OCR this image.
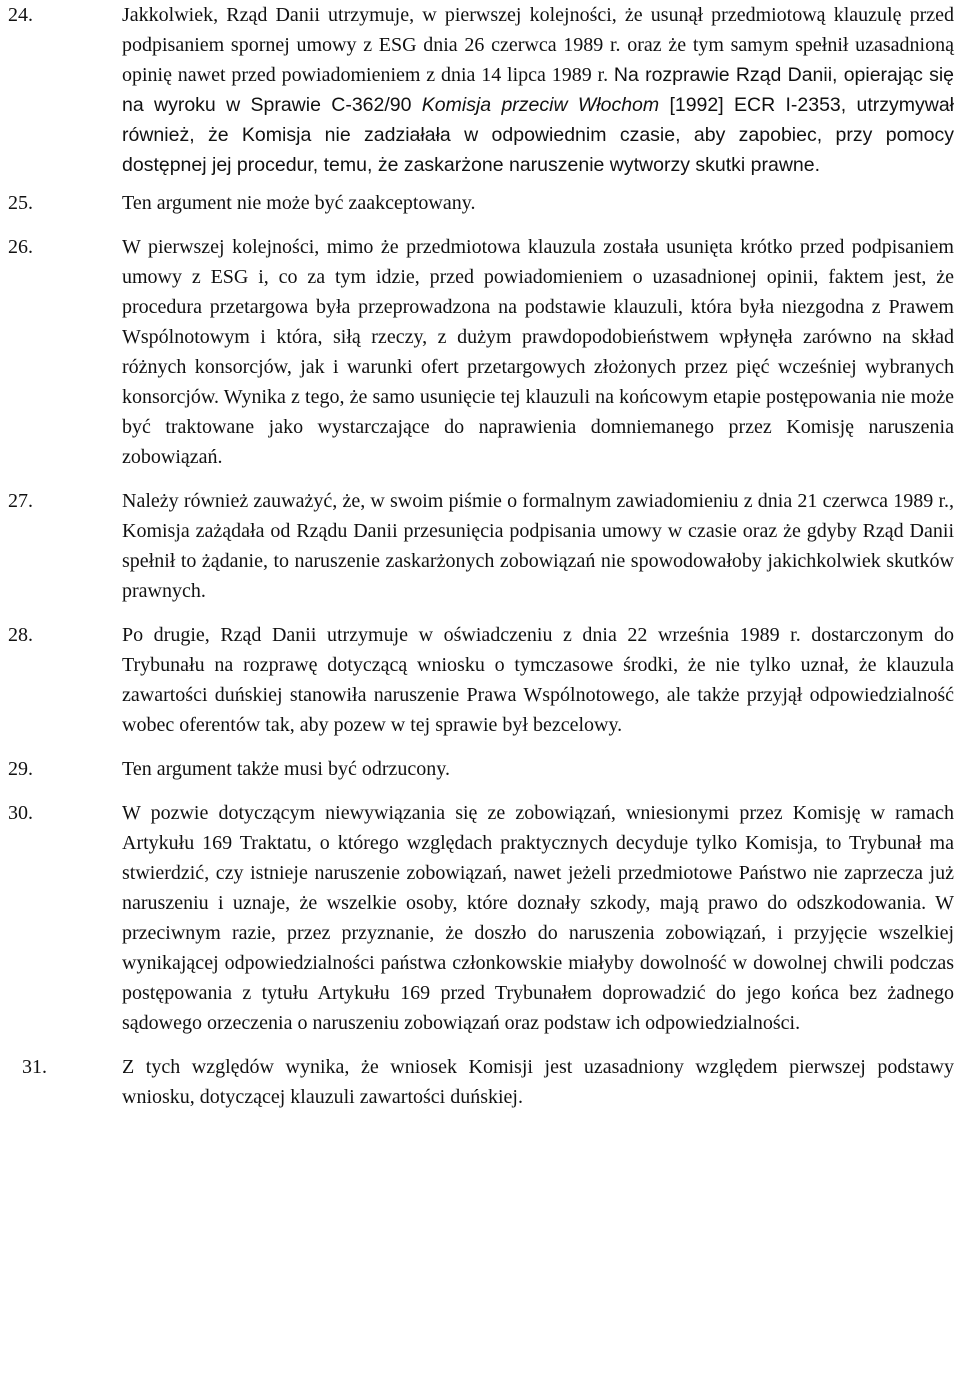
24.	Jakkolwiek, Rząd Danii utrzymuje, w pierwszej kolejności, że usunął przedmiotową klauzulę przed podpisaniem spornej umowy z ESG dnia 26 czerwca 1989 r. oraz że tym samym spełnił uzasadnioną opinię nawet przed powiadomieniem z dnia 14 lipca 1989 r. Na rozprawie Rząd Danii, opierając się na wyroku w Sprawie C-362/90 Komisja przeciw Włochom [1992] ECR I-2353, utrzymywał również, że Komisja nie zadziałała w odpowiednim czasie, aby zapobiec, przy pomocy dostępnej jej procedur, temu, że zaskarżone naruszenie wytworzy skutki prawne.
25.	Ten argument nie może być zaakceptowany.
26.	W pierwszej kolejności, mimo że przedmiotowa klauzula została usunięta krótko przed podpisaniem umowy z ESG i, co za tym idzie, przed powiadomieniem o uzasadnionej opinii, faktem jest, że procedura przetargowa była przeprowadzona na podstawie klauzuli, która była niezgodna z Prawem Wspólnotowym i która, siłą rzeczy, z dużym prawdopodobieństwem wpłynęła zarówno na skład różnych konsorcjów, jak i warunki ofert przetargowych złożonych przez pięć wcześniej wybranych konsorcjów. Wynika z tego, że samo usunięcie tej klauzuli na końcowym etapie postępowania nie może być traktowane jako wystarczające do naprawienia domniemanego przez Komisję naruszenia zobowiązań.
27.	Należy również zauważyć, że, w swoim piśmie o formalnym zawiadomieniu z dnia 21 czerwca 1989 r., Komisja zażądała od Rządu Danii przesunięcia podpisania umowy w czasie oraz że gdyby Rząd Danii spełnił to żądanie, to naruszenie zaskarżonych zobowiązań nie spowodowałoby jakichkolwiek skutków prawnych.
28.	Po drugie, Rząd Danii utrzymuje w oświadczeniu z dnia 22 września 1989 r. dostarczonym do Trybunału na rozprawę dotyczącą wniosku o tymczasowe środki, że nie tylko uznał, że klauzula zawartości duńskiej stanowiła naruszenie Prawa Wspólnotowego, ale także przyjął odpowiedzialność wobec oferentów tak, aby pozew w tej sprawie był bezcelowy.
29.	Ten argument także musi być odrzucony.
30.	W pozwie dotyczącym niewywiązania się ze zobowiązań, wniesionymi przez Komisję w ramach Artykułu 169 Traktatu, o którego względach praktycznych decyduje tylko Komisja, to Trybunał ma stwierdzić, czy istnieje naruszenie zobowiązań, nawet jeżeli przedmiotowe Państwo nie zaprzecza już naruszeniu i uznaje, że wszelkie osoby, które doznały szkody, mają prawo do odszkodowania. W przeciwnym razie, przez przyznanie, że doszło do naruszenia zobowiązań, i przyjęcie wszelkiej wynikającej odpowiedzialności państwa członkowskie miałyby dowolność w dowolnej chwili podczas postępowania z tytułu Artykułu 169 przed Trybunałem doprowadzić do jego końca bez żadnego sądowego orzeczenia o naruszeniu zobowiązań oraz podstaw ich odpowiedzialności.
31.	Z tych względów wynika, że wniosek Komisji jest uzasadniony względem pierwszej podstawy wniosku, dotyczącej klauzuli zawartości duńskiej.
